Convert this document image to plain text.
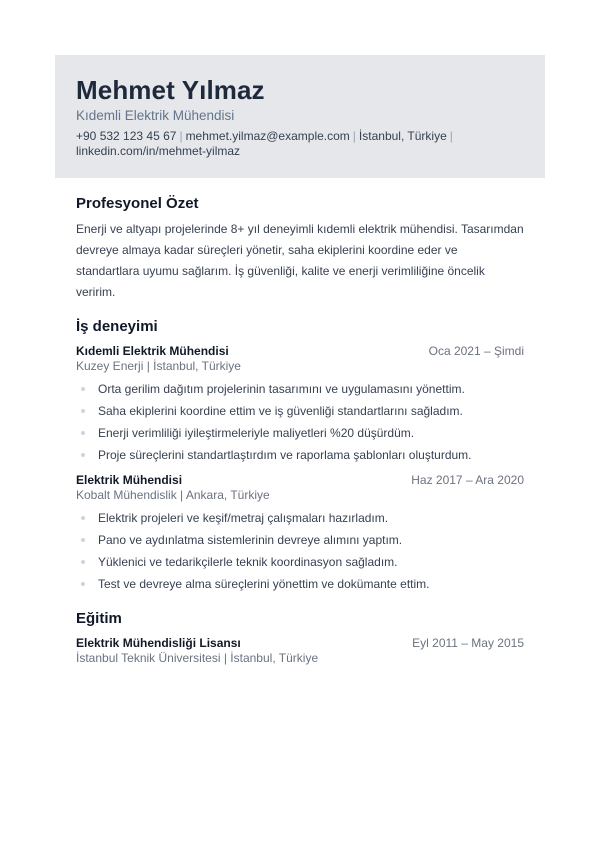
Mehmet Yılmaz
Kıdemli Elektrik Mühendisi
+90 532 123 45 67 | mehmet.yilmaz@example.com | İstanbul, Türkiye |
linkedin.com/in/mehmet-yilmaz
Profesyonel Özet
Enerji ve altyapı projelerinde 8+ yıl deneyimli kıdemli elektrik mühendisi. Tasarımdan devreye almaya kadar süreçleri yönetir, saha ekiplerini koordine eder ve standartlara uyumu sağlarım. İş güvenliği, kalite ve enerji verimliliğine öncelik veririm.
İş deneyimi
Kıdemli Elektrik Mühendisi	Oca 2021 – Şimdi
Kuzey Enerji | İstanbul, Türkiye
Orta gerilim dağıtım projelerinin tasarımını ve uygulamasını yönettim.
Saha ekiplerini koordine ettim ve iş güvenliği standartlarını sağladım.
Enerji verimliliği iyileştirmeleriyle maliyetleri %20 düşürdüm.
Proje süreçlerini standartlaştırdım ve raporlama şablonları oluşturdum.
Elektrik Mühendisi	Haz 2017 – Ara 2020
Kobalt Mühendislik | Ankara, Türkiye
Elektrik projeleri ve keşif/metraj çalışmaları hazırladım.
Pano ve aydınlatma sistemlerinin devreye alımını yaptım.
Yüklenici ve tedarikçilerle teknik koordinasyon sağladım.
Test ve devreye alma süreçlerini yönettim ve dokümante ettim.
Eğitim
Elektrik Mühendisliği Lisansı	Eyl 2011 – May 2015
İstanbul Teknik Üniversitesi | İstanbul, Türkiye
